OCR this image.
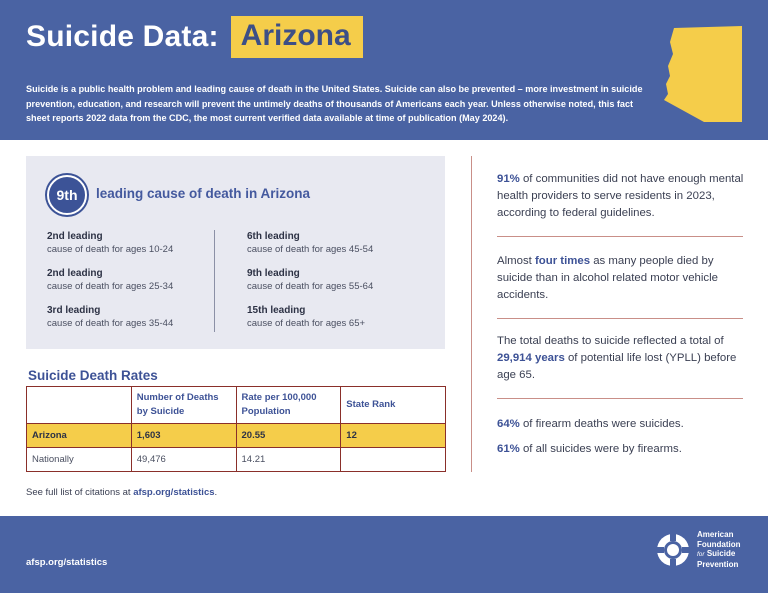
Suicide Data: Arizona

Suicide is a public health problem and leading cause of death in the United States. Suicide can also be prevented – more investment in suicide prevention, education, and research will prevent the untimely deaths of thousands of Americans each year. Unless otherwise noted, this fact sheet reports 2022 data from the CDC, the most current verified data available at time of publication (May 2024).

9th	leading cause of death in Arizona
2nd leading
cause of death for ages 10-24
2nd leading
cause of death for ages 25-34
3rd leading
cause of death for ages 35-44
6th leading
cause of death for ages 45-54
9th leading
cause of death for ages 55-64
15th leading
cause of death for ages 65+
Suicide Death Rates
	Number of Deaths by Suicide	Rate per 100,000 Population	State Rank
Arizona	1,603	20.55	12
Nationally	49,476	14.21	
See full list of citations at afsp.org/statistics.

91% of communities did not have enough mental health providers to serve residents in 2023, according to federal guidelines.

Almost four times as many people died by suicide than in alcohol related motor vehicle accidents.

The total deaths to suicide reflected a total of 29,914 years of potential life lost (YPLL) before age 65.

64% of firearm deaths were suicides.

61% of all suicides were by firearms.

afsp.org/statistics
American
Foundation
for Suicide
Prevention
